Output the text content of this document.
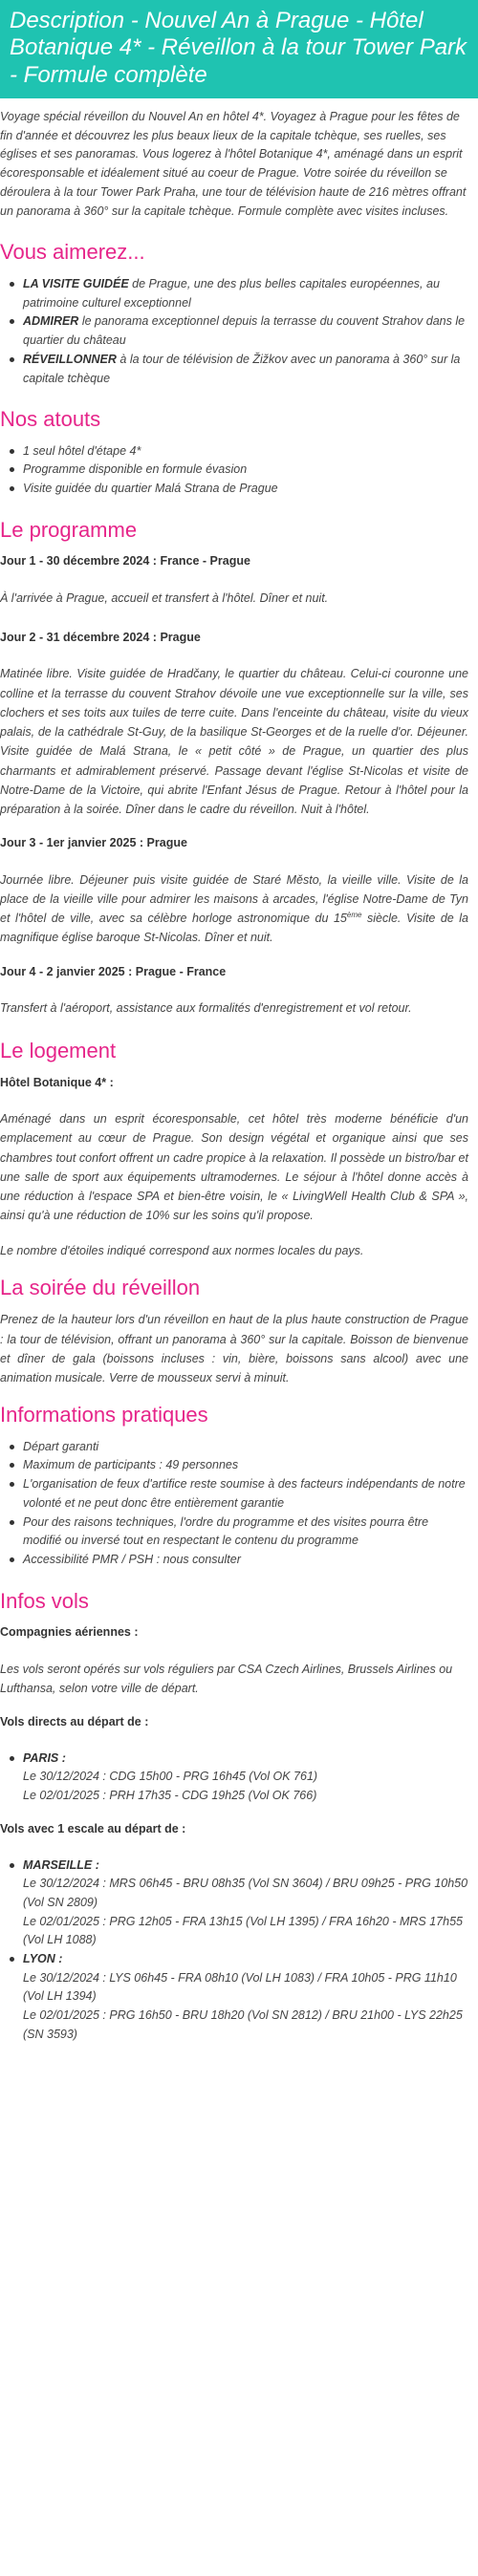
Description - Nouvel An à Prague - Hôtel Botanique 4* - Réveillon à la tour Tower Park - Formule complète

Voyage spécial réveillon du Nouvel An en hôtel 4*. Voyagez à Prague pour les fêtes de fin d'année et découvrez les plus beaux lieux de la capitale tchèque, ses ruelles, ses églises et ses panoramas. Vous logerez à l'hôtel Botanique 4*, aménagé dans un esprit écoresponsable et idéalement situé au coeur de Prague. Votre soirée du réveillon se déroulera à la tour Tower Park Praha, une tour de télévision haute de 216 mètres offrant un panorama à 360° sur la capitale tchèque. Formule complète avec visites incluses.

Vous aimerez...
LA VISITE GUIDÉE de Prague, une des plus belles capitales européennes, au patrimoine culturel exceptionnel
ADMIRER le panorama exceptionnel depuis la terrasse du couvent Strahov dans le quartier du château
RÉVEILLONNER à la tour de télévision de Žižkov avec un panorama à 360° sur la capitale tchèque
Nos atouts
1 seul hôtel d'étape 4*
Programme disponible en formule évasion
Visite guidée du quartier Malá Strana de Prague
Le programme

Jour 1 - 30 décembre 2024 : France - Prague

À l'arrivée à Prague, accueil et transfert à l'hôtel. Dîner et nuit.

Jour 2 - 31 décembre 2024 : Prague

Matinée libre. Visite guidée de Hradčany, le quartier du château. Celui-ci couronne une colline et la terrasse du couvent Strahov dévoile une vue exceptionnelle sur la ville, ses clochers et ses toits aux tuiles de terre cuite. Dans l'enceinte du château, visite du vieux palais, de la cathédrale St-Guy, de la basilique St-Georges et de la ruelle d'or. Déjeuner. Visite guidée de Malá Strana, le « petit côté » de Prague, un quartier des plus charmants et admirablement préservé. Passage devant l'église St-Nicolas et visite de Notre-Dame de la Victoire, qui abrite l'Enfant Jésus de Prague. Retour à l'hôtel pour la préparation à la soirée. Dîner dans le cadre du réveillon. Nuit à l'hôtel.

Jour 3 - 1er janvier 2025 : Prague

Journée libre. Déjeuner puis visite guidée de Staré Město, la vieille ville. Visite de la place de la vieille ville pour admirer les maisons à arcades, l'église Notre-Dame de Tyn et l'hôtel de ville, avec sa célèbre horloge astronomique du 15ème siècle. Visite de la magnifique église baroque St-Nicolas. Dîner et nuit.

Jour 4 - 2 janvier 2025 : Prague - France

Transfert à l'aéroport, assistance aux formalités d'enregistrement et vol retour.

Le logement

Hôtel Botanique 4* :

Aménagé dans un esprit écoresponsable, cet hôtel très moderne bénéficie d'un emplacement au cœur de Prague. Son design végétal et organique ainsi que ses chambres tout confort offrent un cadre propice à la relaxation. Il possède un bistro/bar et une salle de sport aux équipements ultramodernes. Le séjour à l'hôtel donne accès à une réduction à l'espace SPA et bien-être voisin, le « LivingWell Health Club & SPA », ainsi qu'à une réduction de 10% sur les soins qu'il propose.

Le nombre d'étoiles indiqué correspond aux normes locales du pays.

La soirée du réveillon

Prenez de la hauteur lors d'un réveillon en haut de la plus haute construction de Prague : la tour de télévision, offrant un panorama à 360° sur la capitale. Boisson de bienvenue et dîner de gala (boissons incluses : vin, bière, boissons sans alcool) avec une animation musicale. Verre de mousseux servi à minuit.

Informations pratiques
Départ garanti
Maximum de participants : 49 personnes
L'organisation de feux d'artifice reste soumise à des facteurs indépendants de notre volonté et ne peut donc être entièrement garantie
Pour des raisons techniques, l'ordre du programme et des visites pourra être modifié ou inversé tout en respectant le contenu du programme
Accessibilité PMR / PSH : nous consulter
Infos vols

Compagnies aériennes :

Les vols seront opérés sur vols réguliers par CSA Czech Airlines, Brussels Airlines ou Lufthansa, selon votre ville de départ.

Vols directs au départ de :

PARIS :
Le 30/12/2024 : CDG 15h00 - PRG 16h45 (Vol OK 761)
Le 02/01/2025 : PRH 17h35 - CDG 19h25 (Vol OK 766)

Vols avec 1 escale au départ de :

MARSEILLE :
Le 30/12/2024 : MRS 06h45 - BRU 08h35 (Vol SN 3604) / BRU 09h25 - PRG 10h50 (Vol SN 2809)
Le 02/01/2025 : PRG 12h05 - FRA 13h15 (Vol LH 1395) / FRA 16h20 - MRS 17h55 (Vol LH 1088)
LYON :
Le 30/12/2024 : LYS 06h45 - FRA 08h10 (Vol LH 1083) / FRA 10h05 - PRG 11h10 (Vol LH 1394)
Le 02/01/2025 : PRG 16h50 - BRU 18h20 (Vol SN 2812) / BRU 21h00 - LYS 22h25 (SN 3593)
